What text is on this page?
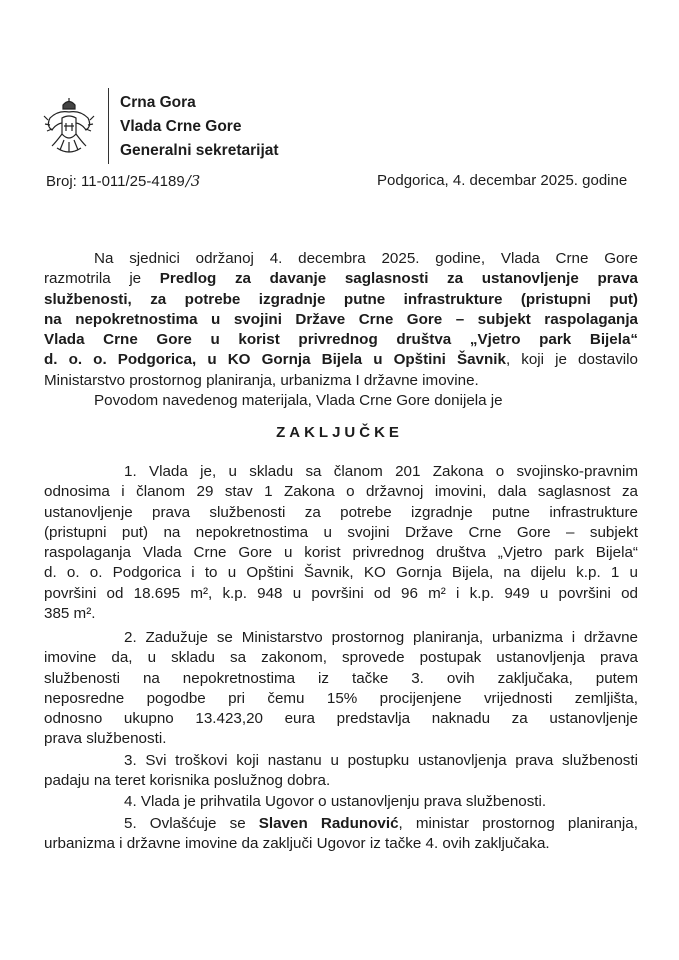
Crna Gora
Vlada Crne Gore
Generalni sekretarijat
Broj: 11-011/25-4189/3	Podgorica, 4. decembar 2025. godine
Na sjednici održanoj 4. decembra 2025. godine, Vlada Crne Gore
razmotrila je Predlog za davanje saglasnosti za ustanovljenje prava
službenosti, za potrebe izgradnje putne infrastrukture (pristupni put)
na nepokretnostima u svojini Države Crne Gore – subjekt raspolaganja
Vlada Crne Gore u korist privrednog društva „Vjetro park Bijela“
d. o. o. Podgorica, u KO Gornja Bijela u Opštini Šavnik, koji je dostavilo
Ministarstvo prostornog planiranja, urbanizma I državne imovine.
Povodom navedenog materijala, Vlada Crne Gore donijela je
ZAKLJUČKE
1. Vlada je, u skladu sa članom 201 Zakona o svojinsko-pravnim
odnosima i članom 29 stav 1 Zakona o državnoj imovini, dala saglasnost za
ustanovljenje prava službenosti za potrebe izgradnje putne infrastrukture
(pristupni put) na nepokretnostima u svojini Države Crne Gore – subjekt
raspolaganja Vlada Crne Gore u korist privrednog društva „Vjetro park Bijela“
d. o. o. Podgorica i to u Opštini Šavnik, KO Gornja Bijela, na dijelu k.p. 1 u
površini od 18.695 m², k.p. 948 u površini od 96 m² i k.p. 949 u površini od
385 m².
2. Zadužuje se Ministarstvo prostornog planiranja, urbanizma i državne
imovine da, u skladu sa zakonom, sprovede postupak ustanovljenja prava
službenosti na nepokretnostima iz tačke 3. ovih zaključaka, putem
neposredne pogodbe pri čemu 15% procijenjene vrijednosti zemljišta,
odnosno ukupno 13.423,20 eura predstavlja naknadu za ustanovljenje
prava službenosti.
3. Svi troškovi koji nastanu u postupku ustanovljenja prava službenosti
padaju na teret korisnika poslužnog dobra.
4. Vlada je prihvatila Ugovor o ustanovljenju prava službenosti.
5. Ovlašćuje se Slaven Radunović, ministar prostornog planiranja,
urbanizma i državne imovine da zaključi Ugovor iz tačke 4. ovih zaključaka.
